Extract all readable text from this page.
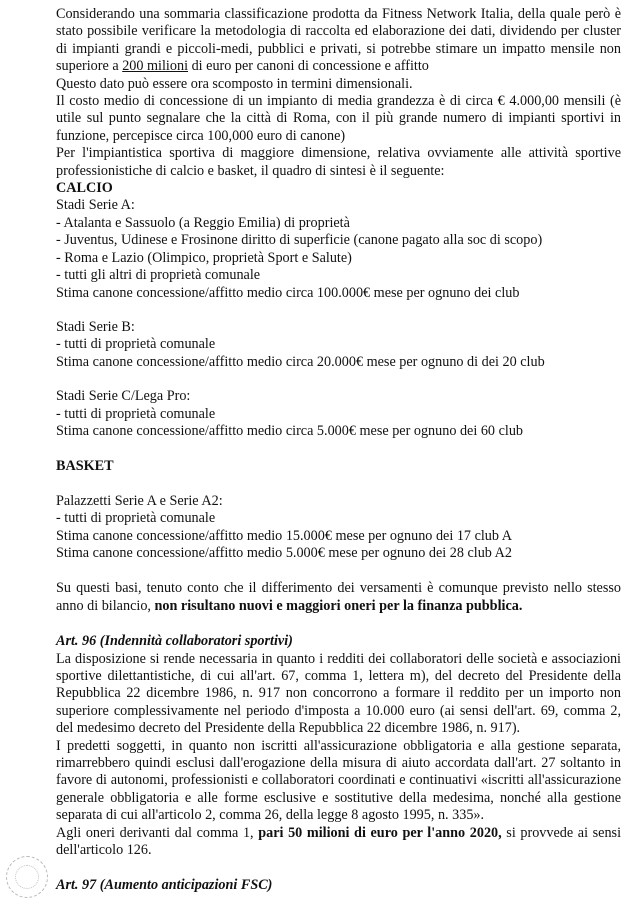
Considerando una sommaria classificazione prodotta da Fitness Network Italia, della quale però è stato possibile verificare la metodologia di raccolta ed elaborazione dei dati, dividendo per cluster di impianti grandi e piccoli-medi, pubblici e privati, si potrebbe stimare un impatto mensile non superiore a 200 milioni di euro per canoni di concessione e affitto

Questo dato può essere ora scomposto in termini dimensionali.

Il costo medio di concessione di un impianto di media grandezza è di circa € 4.000,00 mensili (è utile sul punto segnalare che la città di Roma, con il più grande numero di impianti sportivi in funzione, percepisce circa 100,000 euro di canone)

Per l'impiantistica sportiva di maggiore dimensione, relativa ovviamente alle attività sportive professionistiche di calcio e basket, il quadro di sintesi è il seguente:

CALCIO

Stadi Serie A:

- Atalanta e Sassuolo (a Reggio Emilia) di proprietà

- Juventus, Udinese e Frosinone diritto di superficie (canone pagato alla soc di scopo)

- Roma e Lazio (Olimpico, proprietà Sport e Salute)

- tutti gli altri di proprietà comunale

Stima canone concessione/affitto medio circa 100.000€ mese per ognuno dei club

Stadi Serie B:

- tutti di proprietà comunale

Stima canone concessione/affitto medio circa 20.000€ mese per ognuno di dei 20 club

Stadi Serie C/Lega Pro:

- tutti di proprietà comunale

Stima canone concessione/affitto medio circa 5.000€ mese per ognuno dei 60 club

BASKET

Palazzetti Serie A e Serie A2:

- tutti di proprietà comunale

Stima canone concessione/affitto medio 15.000€ mese per ognuno dei 17 club A

Stima canone concessione/affitto medio 5.000€ mese per ognuno dei 28 club A2

Su questi basi, tenuto conto che il differimento dei versamenti è comunque previsto nello stesso anno di bilancio, non risultano nuovi e maggiori oneri per la finanza pubblica.

Art. 96 (Indennità collaboratori sportivi)

La disposizione si rende necessaria in quanto i redditi dei collaboratori delle società e associazioni sportive dilettantistiche, di cui all'art. 67, comma 1, lettera m), del decreto del Presidente della Repubblica 22 dicembre 1986, n. 917 non concorrono a formare il reddito per un importo non superiore complessivamente nel periodo d'imposta a 10.000 euro (ai sensi dell'art. 69, comma 2, del medesimo decreto del Presidente della Repubblica 22 dicembre 1986, n. 917).

I predetti soggetti, in quanto non iscritti all'assicurazione obbligatoria e alla gestione separata, rimarrebbero quindi esclusi dall'erogazione della misura di aiuto accordata dall'art. 27 soltanto in favore di autonomi, professionisti e collaboratori coordinati e continuativi «iscritti all'assicurazione generale obbligatoria e alle forme esclusive e sostitutive della medesima, nonché alla gestione separata di cui all'articolo 2, comma 26, della legge 8 agosto 1995, n. 335».

Agli oneri derivanti dal comma 1, pari 50 milioni di euro per l'anno 2020, si provvede ai sensi dell'articolo 126.

Art. 97 (Aumento anticipazioni FSC)
